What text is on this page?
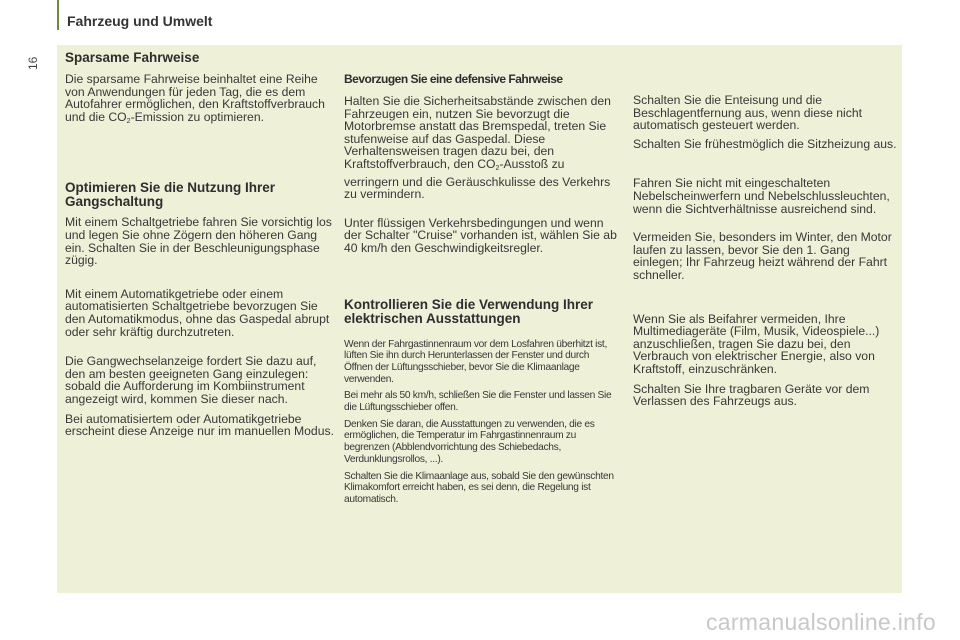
Fahrzeug und Umwelt
16 Sparsame Fahrweise

Die sparsame Fahrweise beinhaltet eine Reihe von Anwendungen für jeden Tag, die es dem Autofahrer ermöglichen, den Kraftstoffverbrauch und die $CO_2$-Emission zu optimieren.

Optimieren Sie die Nutzung Ihrer Gangschaltung

Mit einem Schaltgetriebe fahren Sie vorsichtig los und legen Sie ohne Zögern den höheren Gang ein. Schalten Sie in der Beschleunigungsphase zügig.

Mit einem Automatikgetriebe oder einem automatisierten Schaltgetriebe bevorzugen Sie den Automatikmodus, ohne das Gaspedal abrupt oder sehr kräftig durchzutreten.

Die Gangwechselanzeige fordert Sie dazu auf, den am besten geeigneten Gang einzulegen: sobald die Aufforderung im Kombiinstrument angezeigt wird, kommen Sie dieser nach.

Bei automatisiertem oder Automatikgetriebe erscheint diese Anzeige nur im manuellen Modus.

Bevorzugen Sie eine defensive Fahrweise

Halten Sie die Sicherheitsabstände zwischen den Fahrzeugen ein, nutzen Sie bevorzugt die Motorbremse anstatt das Bremspedal, treten Sie stufenweise auf das Gaspedal. Diese Verhaltensweisen tragen dazu bei, den Kraftstoffverbrauch, den $CO_2$-Ausstoß zu verringern und die Geräuschkulisse des Verkehrs zu vermindern.

Unter flüssigen Verkehrsbedingungen und wenn der Schalter "Cruise" vorhanden ist, wählen Sie ab 40 km/h den Geschwindigkeitsregler.

Kontrollieren Sie die Verwendung Ihrer elektrischen Ausstattungen

Wenn der Fahrgastinnenraum vor dem Losfahren überhitzt ist, lüften Sie ihn durch Herunterlassen der Fenster und durch Öffnen der Lüftungsschieber, bevor Sie die Klimaanlage verwenden.

Bei mehr als 50 km/h, schließen Sie die Fenster und lassen Sie die Lüftungsschieber offen.

Denken Sie daran, die Ausstattungen zu verwenden, die es ermöglichen, die Temperatur im Fahrgastinnenraum zu begrenzen (Abblendvorrichtung des Schiebedachs, Verdunklungsrollos, ...).

Schalten Sie die Klimaanlage aus, sobald Sie den gewünschten Klimakomfort erreicht haben, es sei denn, die Regelung ist automatisch.

Schalten Sie die Enteisung und die Beschlagentfernung aus, wenn diese nicht automatisch gesteuert werden.

Schalten Sie frühestmöglich die Sitzheizung aus.

Fahren Sie nicht mit eingeschalteten Nebelscheinwerfern und Nebelschlussleuchten, wenn die Sichtverhältnisse ausreichend sind.

Vermeiden Sie, besonders im Winter, den Motor laufen zu lassen, bevor Sie den 1. Gang einlegen; Ihr Fahrzeug heizt während der Fahrt schneller.

Wenn Sie als Beifahrer vermeiden, Ihre Multimediageräte (Film, Musik, Videospiele...) anzuschließen, tragen Sie dazu bei, den Verbrauch von elektrischer Energie, also von Kraftstoff, einzuschränken.

Schalten Sie Ihre tragbaren Geräte vor dem Verlassen des Fahrzeugs aus.

carmanualsonline.info
